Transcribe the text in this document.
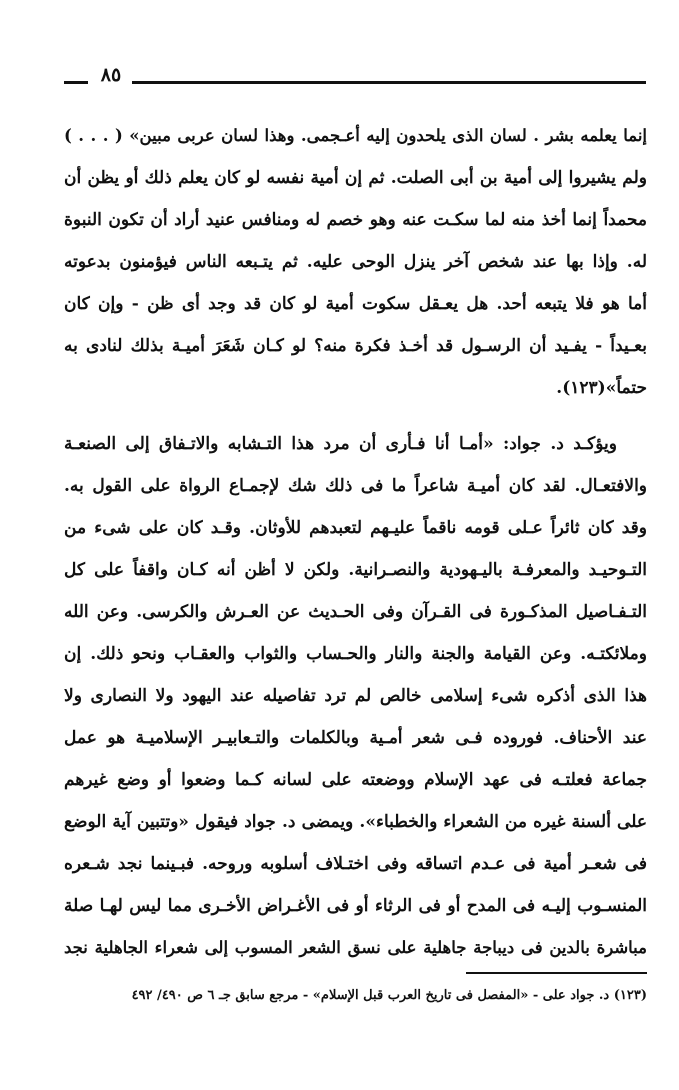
٨٥
إنما يعلمه بشر . لسان الذى يلحدون إليه أعـجمى. وهذا لسان عربى مبين» ( . . . )
ولم يشيروا إلى أمية بن أبى الصلت. ثم إن أمية نفسه لو كان يعلم ذلك أو يظن أن
محمداً إنما أخذ منه لما سكـت عنه وهو خصم له ومنافس عنيد أراد أن تكون النبوة
له. وإذا بها عند شخص آخر ينزل الوحى عليه. ثم يتـبعه الناس فيؤمنون بدعوته
أما هو فلا يتبعه أحد. هل يعـقل سكوت أمية لو كان قد وجد أى ظن - وإن كان
بعـيداً - يفـيد أن الرسـول قد أخـذ فكرة منه؟ لو كـان شَعَرَ أميـة بذلك لنادى به
حتماً»(١٢٣).
ويؤكـد د. جواد: «أمـا أنا فـأرى أن مرد هذا التـشابه والاتـفاق إلى الصنعـة
والافتعـال. لقد كان أميـة شاعراً ما فى ذلك شك لإجمـاع الرواة على القول به.
وقد كان ثائراً عـلى قومه ناقماً عليـهم لتعبدهم للأوثان. وقـد كان على شىء من
التـوحيـد والمعرفـة باليـهودية والنصـرانية. ولكن لا أظن أنه كـان واقفاً على كل
التـفـاصيل المذكـورة فى القـرآن وفى الحـديث عن العـرش والكرسى. وعن الله
وملائكتـه. وعن القيامة والجنة والنار والحـساب والثواب والعقـاب ونحو ذلك. إن
هذا الذى أذكره شىء إسلامى خالص لم ترد تفاصيله عند اليهود ولا النصارى ولا
عند الأحناف. فوروده فـى شعر أمـية وبالكلمات والتـعابيـر الإسلاميـة هو عمل
جماعة فعلتـه فى عهد الإسلام ووضعته على لسانه كـما وضعوا أو وضع غيرهم
على ألسنة غيره من الشعراء والخطباء». ويمضى د. جواد فيقول «وتتبين آية الوضع
فى شعـر أمية فى عـدم اتساقه وفى اختـلاف أسلوبه وروحه. فبـينما نجد شـعره
المنسـوب إليـه فى المدح أو فى الرثاء أو فى الأغـراض الأخـرى مما ليس لهـا صلة
مباشرة بالدين فى ديباجة جاهلية على نسق الشعر المسوب إلى شعراء الجاهلية نجد
(١٢٣) د. جواد على - «المفصل فى تاريخ العرب قبل الإسلام» - مرجع سابق جـ ٦ ص ٤٩٠/ ٤٩٢
